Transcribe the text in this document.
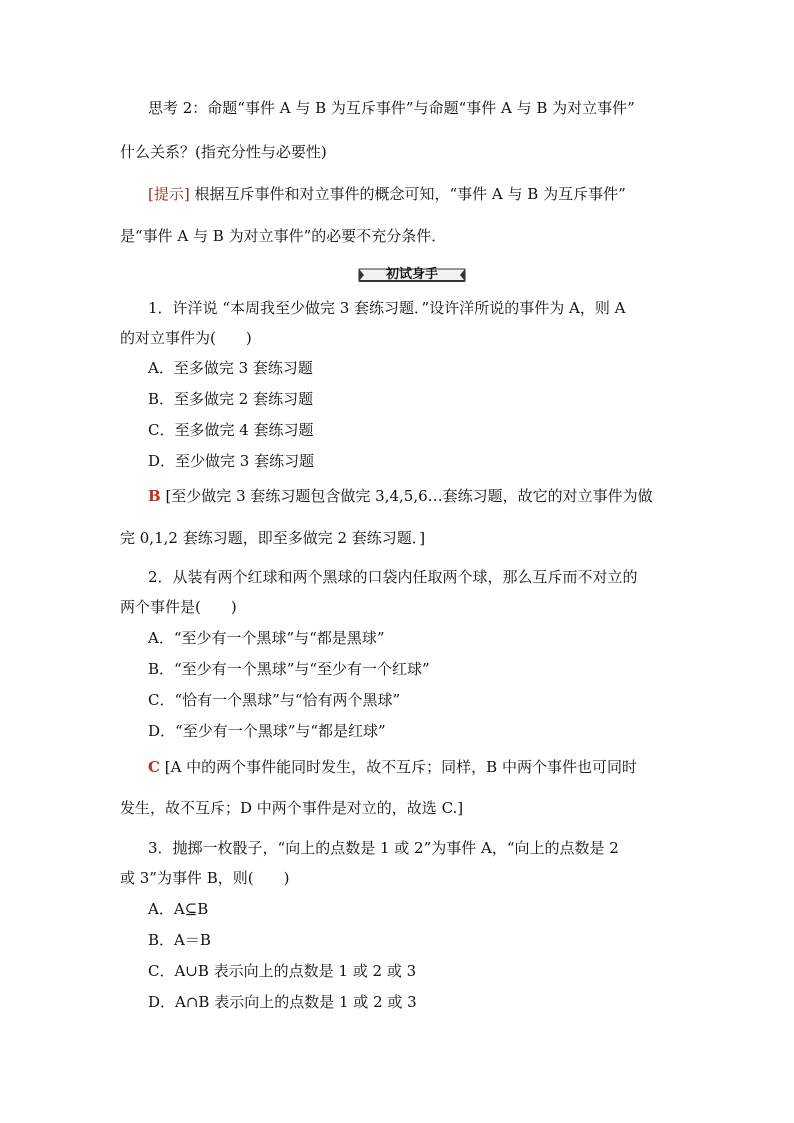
思考 2：命题“事件 A 与 B 为互斥事件”与命题“事件 A 与 B 为对立事件”
什么关系？(指充分性与必要性)
[提示] 根据互斥事件和对立事件的概念可知，“事件 A 与 B 为互斥事件”
是“事件 A 与 B 为对立事件”的必要不充分条件．
初试身手
1．许洋说 “本周我至少做完 3 套练习题．”设许洋所说的事件为 A，则 A
的对立事件为(　　)
A．至多做完 3 套练习题
B．至多做完 2 套练习题
C．至多做完 4 套练习题
D．至少做完 3 套练习题
B [至少做完 3 套练习题包含做完 3,4,5,6…套练习题，故它的对立事件为做
完 0,1,2 套练习题，即至多做完 2 套练习题．]
2．从装有两个红球和两个黑球的口袋内任取两个球，那么互斥而不对立的
两个事件是(　　)
A．“至少有一个黑球”与“都是黑球”
B．“至少有一个黑球”与“至少有一个红球”
C．“恰有一个黑球”与“恰有两个黑球”
D．“至少有一个黑球”与“都是红球”
C [A 中的两个事件能同时发生，故不互斥；同样，B 中两个事件也可同时
发生，故不互斥；D 中两个事件是对立的，故选 C.]
3．抛掷一枚骰子，“向上的点数是 1 或 2”为事件 A，“向上的点数是 2
或 3”为事件 B，则(　　)
A．A⊆B
B．A＝B
C．A∪B 表示向上的点数是 1 或 2 或 3
D．A∩B 表示向上的点数是 1 或 2 或 3
